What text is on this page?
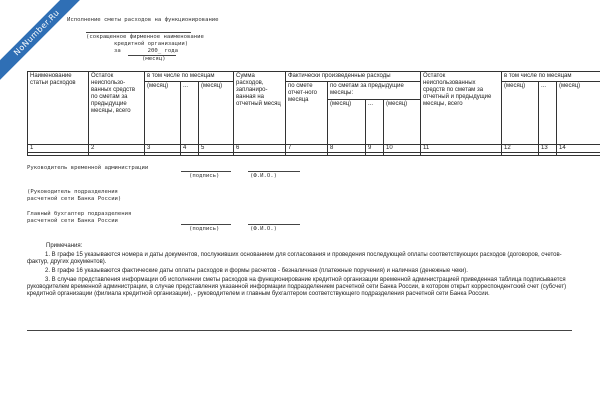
NoNumber.Ru	Исполнение сметы расходов на функционирование
(сокращенное фирменное наименование
кредитной организации)
за        200_ года
(месяц)
Наименование статьи расходов	Остаток неиспользо-ванных средств по сметам за предыдущие месяцы, всего	в том числе по месяцам			Сумма расходов, запланиро-ванная на отчетный месяц	Фактически произведенные расходы				Остаток неиспользованных средств по сметам за отчетный и предыдущие месяцы, всего	в том числе по месяцам		
		(месяц)	...	(месяц)		по смете отчет-ного месяца	по сметам за предыдущие месяцы:				(месяц)	...	(месяц)
							(месяц)	...	(месяц)				
1	2	3	4	5	6	7	8	9	10	11	12	13	14

Руководитель временной администрации
(подпись)	(Ф.И.О.)
(Руководитель подразделения
расчетной сети Банка России)
Главный бухгалтер подразделения
расчетной сети Банка России
(подпись)	(Ф.И.О.)
Примечания:

1. В графе 15 указываются номера и даты документов, послуживших основанием для согласования и проведения последующей оплаты соответствующих расходов (договоров, счетов-фактур, других документов).

2. В графе 16 указываются фактические даты оплаты расходов и формы расчетов - безналичная (платежные поручения) и наличная (денежные чеки).

3. В случае представления информации об исполнении сметы расходов на функционирование кредитной организации временной администрацией приведенная таблица подписывается руководителем временной администрации, в случае представления указанной информации подразделением расчетной сети Банка России, в котором открыт корреспондентский счет (субсчет) кредитной организации (филиала кредитной организации), - руководителем и главным бухгалтером соответствующего подразделения расчетной сети Банка России.
